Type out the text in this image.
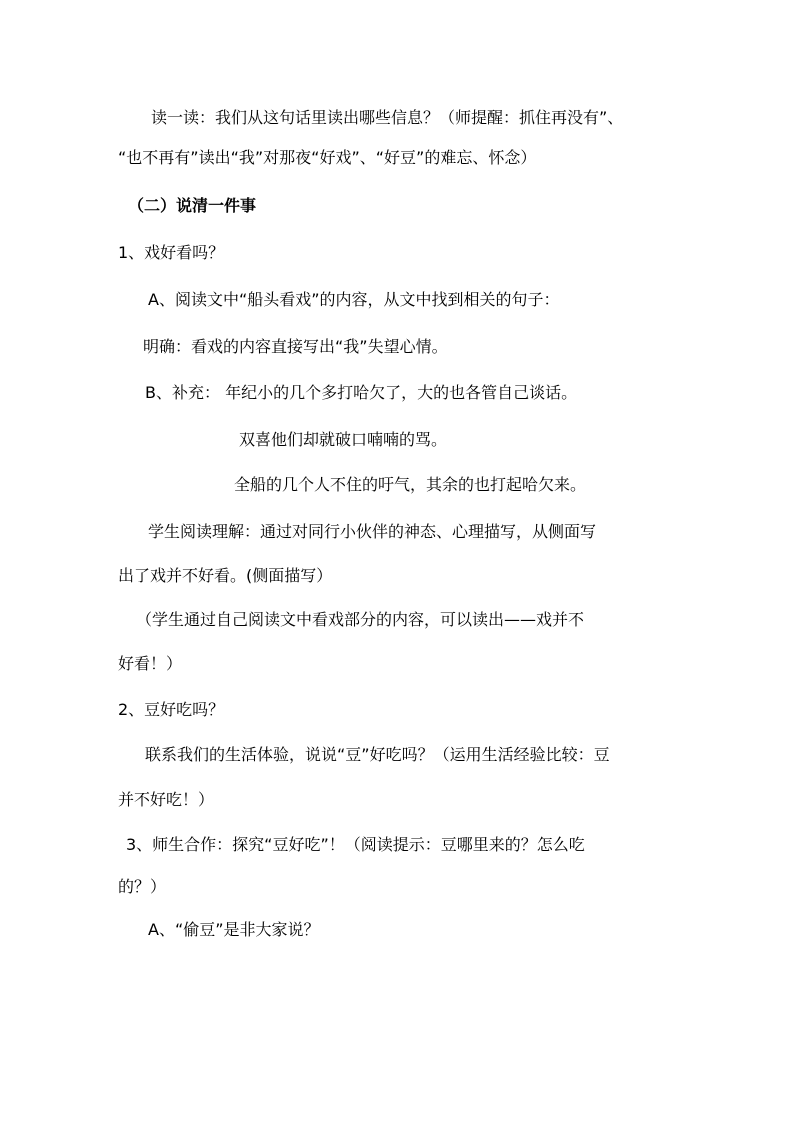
读一读：我们从这句话里读出哪些信息？（师提醒：抓住再没有”、
“也不再有”读出“我”对那夜“好戏”、“好豆”的难忘、怀念）
（二）说清一件事
1、戏好看吗？
A、阅读文中“船头看戏”的内容，从文中找到相关的句子：
明确：看戏的内容直接写出“我”失望心情。
B、补充： 年纪小的几个多打哈欠了，大的也各管自己谈话。
双喜他们却就破口喃喃的骂。
全船的几个人不住的吁气，其余的也打起哈欠来。
学生阅读理解：通过对同行小伙伴的神态、心理描写，从侧面写
出了戏并不好看。(侧面描写）
（学生通过自己阅读文中看戏部分的内容，可以读出——戏并不
好看！）
2、豆好吃吗？
联系我们的生活体验，说说“豆”好吃吗？（运用生活经验比较：豆
并不好吃！）
3、师生合作：探究“豆好吃”！（阅读提示：豆哪里来的？怎么吃
的？）
A、“偷豆”是非大家说？
